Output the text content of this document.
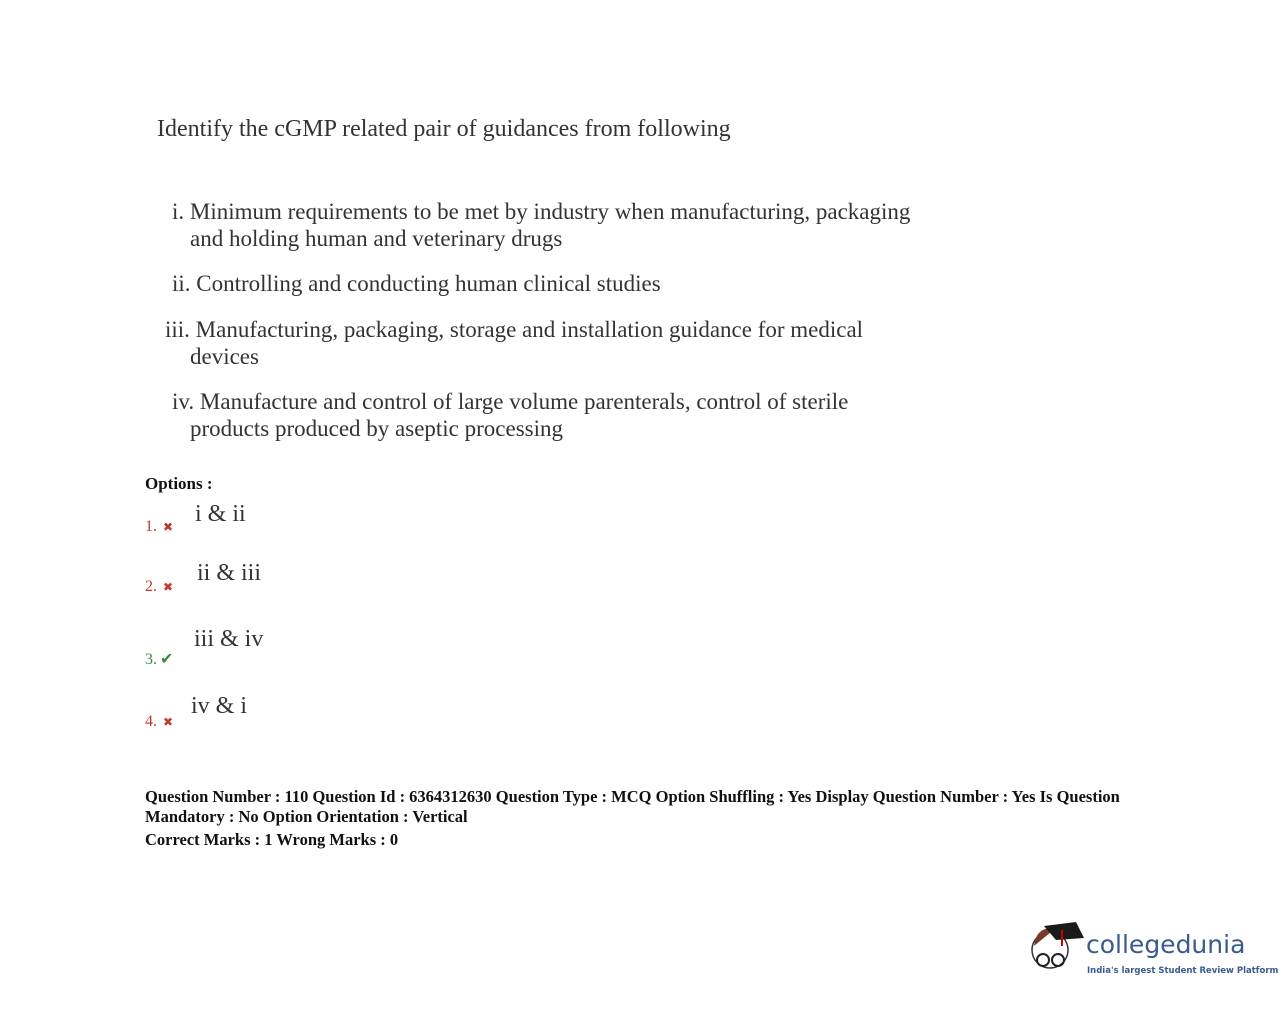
Identify the cGMP related pair of guidances from following
i. Minimum requirements to be met by industry when manufacturing, packaging
and holding human and veterinary drugs
ii. Controlling and conducting human clinical studies
iii. Manufacturing, packaging, storage and installation guidance for medical
devices
iv. Manufacture and control of large volume parenterals, control of sterile
products produced by aseptic processing
Options :
1. ✖ i & ii
2. ✖
ii & iii
3. ✔
iii & iv
4. ✖
iv & i
Question Number : 110 Question Id : 6364312630 Question Type : MCQ Option Shuffling : Yes Display Question Number : Yes Is Question Mandatory : No Option Orientation : Vertical
Correct Marks : 1 Wrong Marks : 0
collegedunia
India's largest Student Review Platform
